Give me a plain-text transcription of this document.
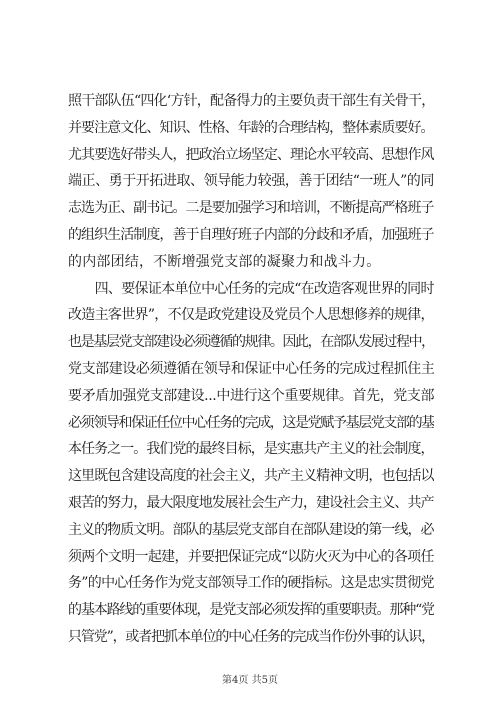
照干部队伍“四化‘方针，配备得力的主要负责干部生有关骨干，
并要注意文化、知识、性格、年龄的合理结构，整体素质要好。
尤其要选好带头人，把政治立场坚定、理论水平较高、思想作风
端正、勇于开拓进取、领导能力较强，善于团结“一班人”的同
志选为正、副书记。二是要加强学习和培训，不断提高严格班子
的组织生活制度，善于自理好班子内部的分歧和矛盾，加强班子
的内部团结，不断增强党支部的凝聚力和战斗力。
　　四、要保证本单位中心任务的完成“在改造客观世界的同时
改造主客世界”，不仅是政党建设及党员个人思想修养的规律，
也是基层党支部建设必须遵循的规律。因此，在部队发展过程中，
党支部建设必须遵循在领导和保证中心任务的完成过程抓住主
要矛盾加强党支部建设...中进行这个重要规律。首先，党支部
必须领导和保证任位中心任务的完成，这是党赋予基层党支部的基
本任务之一。我们党的最终目标，是实惠共产主义的社会制度，
这里既包含建设高度的社会主义，共产主义精神文明，也包括以
艰苦的努力，最大限度地发展社会生产力，建设社会主义、共产
主义的物质文明。部队的基层党支部自在部队建设的第一线，必
须两个文明一起建，并要把保证完成“以防火灭为中心的各项任
务”的中心任务作为党支部领导工作的硬指标。这是忠实贯彻党
的基本路线的重要体现，是党支部必须发挥的重要职责。那种“党
只管党”，或者把抓本单位的中心任务的完成当作份外事的认识，
第4页 共5页
